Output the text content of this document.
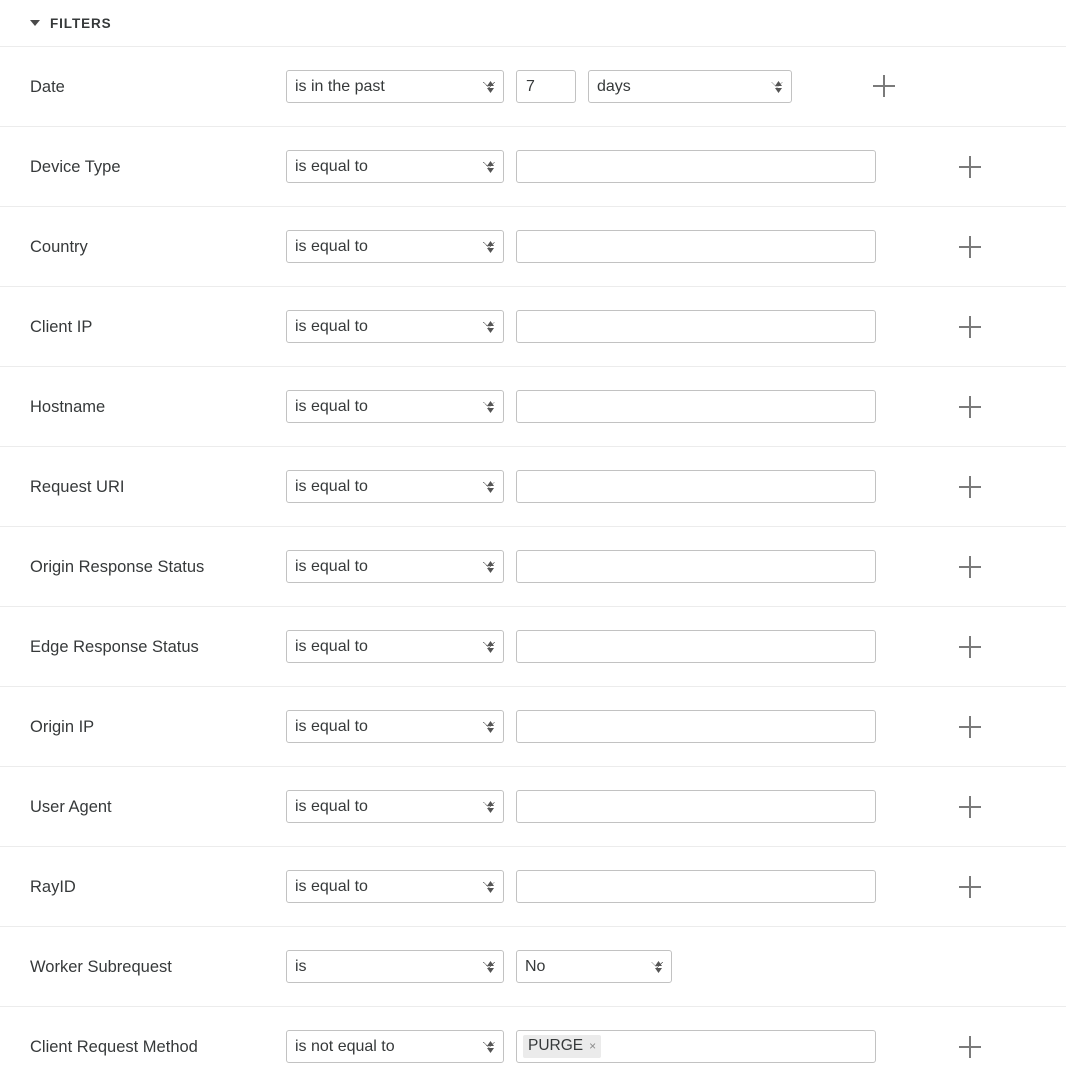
FILTERS
Date
is in the past
7
days
Device Type
is equal to
Country
is equal to
Client IP
is equal to
Hostname
is equal to
Request URI
is equal to
Origin Response Status
is equal to
Edge Response Status
is equal to
Origin IP
is equal to
User Agent
is equal to
RayID
is equal to
Worker Subrequest
is
No
Client Request Method
is not equal to	PURGE ×
